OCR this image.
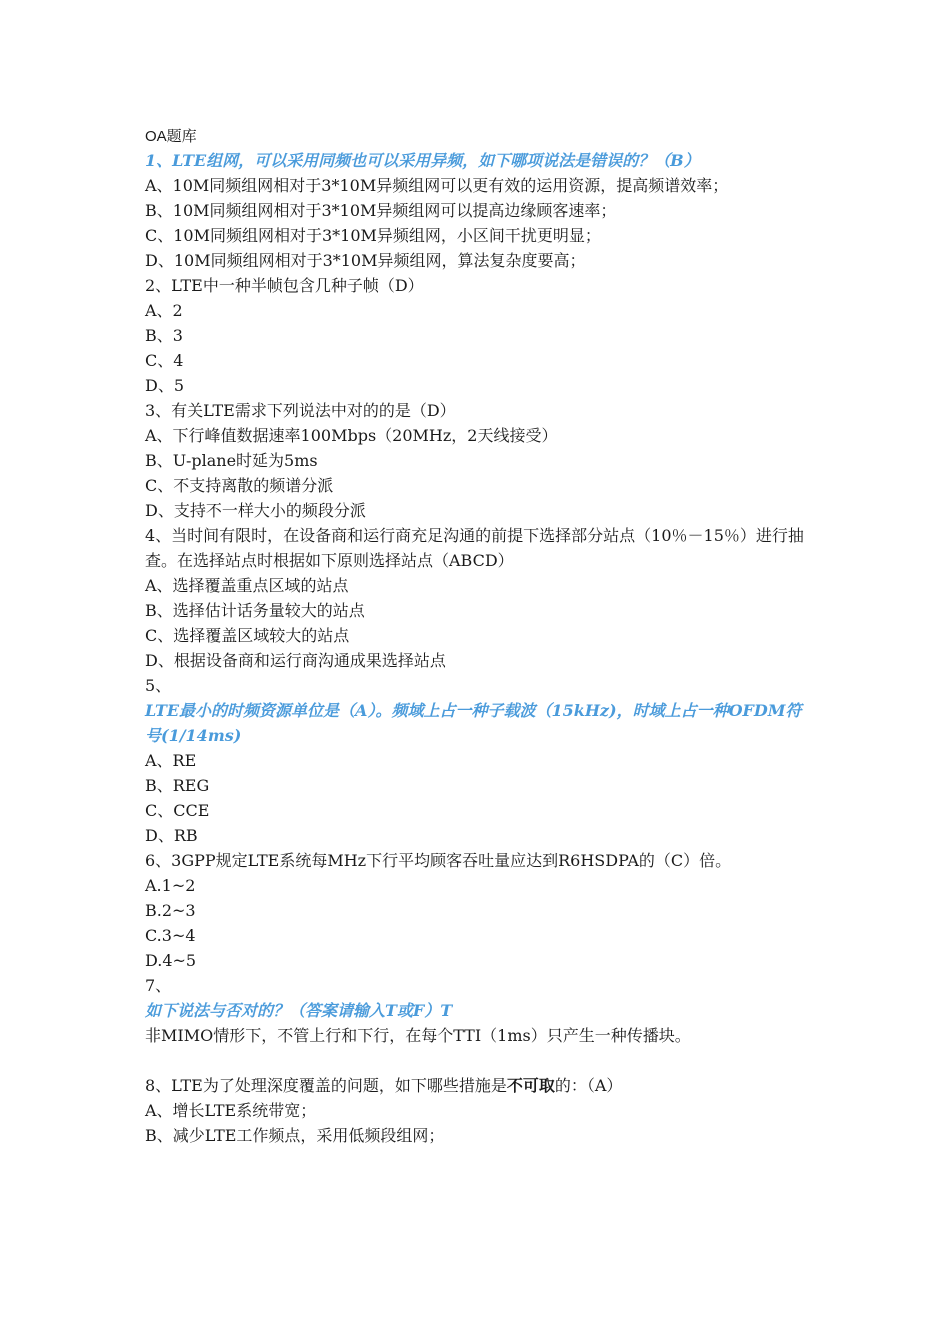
OA题库
1、LTE组网，可以采用同频也可以采用异频，如下哪项说法是错误的？（B）
A、10M同频组网相对于3*10M异频组网可以更有效的运用资源，提高频谱效率；
B、10M同频组网相对于3*10M异频组网可以提高边缘顾客速率；
C、10M同频组网相对于3*10M异频组网，小区间干扰更明显；
D、10M同频组网相对于3*10M异频组网，算法复杂度要高；
2、LTE中一种半帧包含几种子帧（D）
A、2
B、3
C、4
D、5
3、有关LTE需求下列说法中对的的是（D）
A、下行峰值数据速率100Mbps（20MHz，2天线接受）
B、U-plane时延为5ms
C、不支持离散的频谱分派
D、支持不一样大小的频段分派
4、当时间有限时，在设备商和运行商充足沟通的前提下选择部分站点（10％－15％）进行抽查。在选择站点时根据如下原则选择站点（ABCD）
A、选择覆盖重点区域的站点
B、选择估计话务量较大的站点
C、选择覆盖区域较大的站点
D、根据设备商和运行商沟通成果选择站点
5、
LTE最小的时频资源单位是（A）。频域上占一种子载波（15kHz)，时域上占一种OFDM符号(1/14ms)
A、RE
B、REG
C、CCE
D、RB
6、3GPP规定LTE系统每MHz下行平均顾客吞吐量应达到R6HSDPA的（C）倍。
A.1~2
B.2~3
C.3~4
D.4~5
7、
如下说法与否对的？（答案请输入T或F）T
非MIMO情形下，不管上行和下行，在每个TTI（1ms）只产生一种传播块。
8、LTE为了处理深度覆盖的问题，如下哪些措施是不可取的：（A）
A、增长LTE系统带宽；
B、减少LTE工作频点，采用低频段组网；
